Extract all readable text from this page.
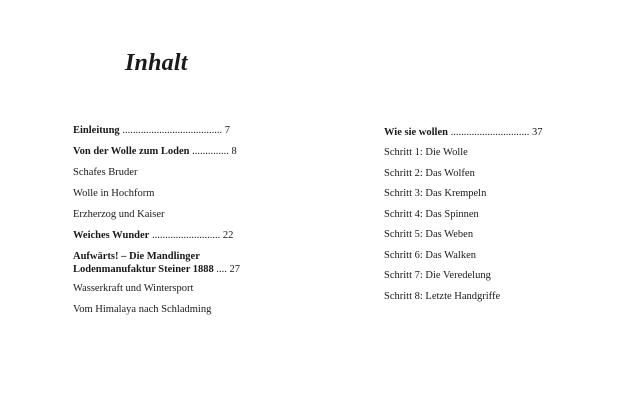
Inhalt
Einleitung ...................................... 7
Von der Wolle zum Loden .............. 8
Schafes Bruder
Wolle in Hochform
Erzherzog und Kaiser
Weiches Wunder .......................... 22
Aufwärts! – Die Mandlinger
Lodenmanufaktur Steiner 1888 .... 27
Wasserkraft und Wintersport
Vom Himalaya nach Schladming
Wie sie wollen .............................. 37
Schritt 1: Die Wolle
Schritt 2: Das Wolfen
Schritt 3: Das Krempeln
Schritt 4: Das Spinnen
Schritt 5: Das Weben
Schritt 6: Das Walken
Schritt 7: Die Veredelung
Schritt 8: Letzte Handgriffe
